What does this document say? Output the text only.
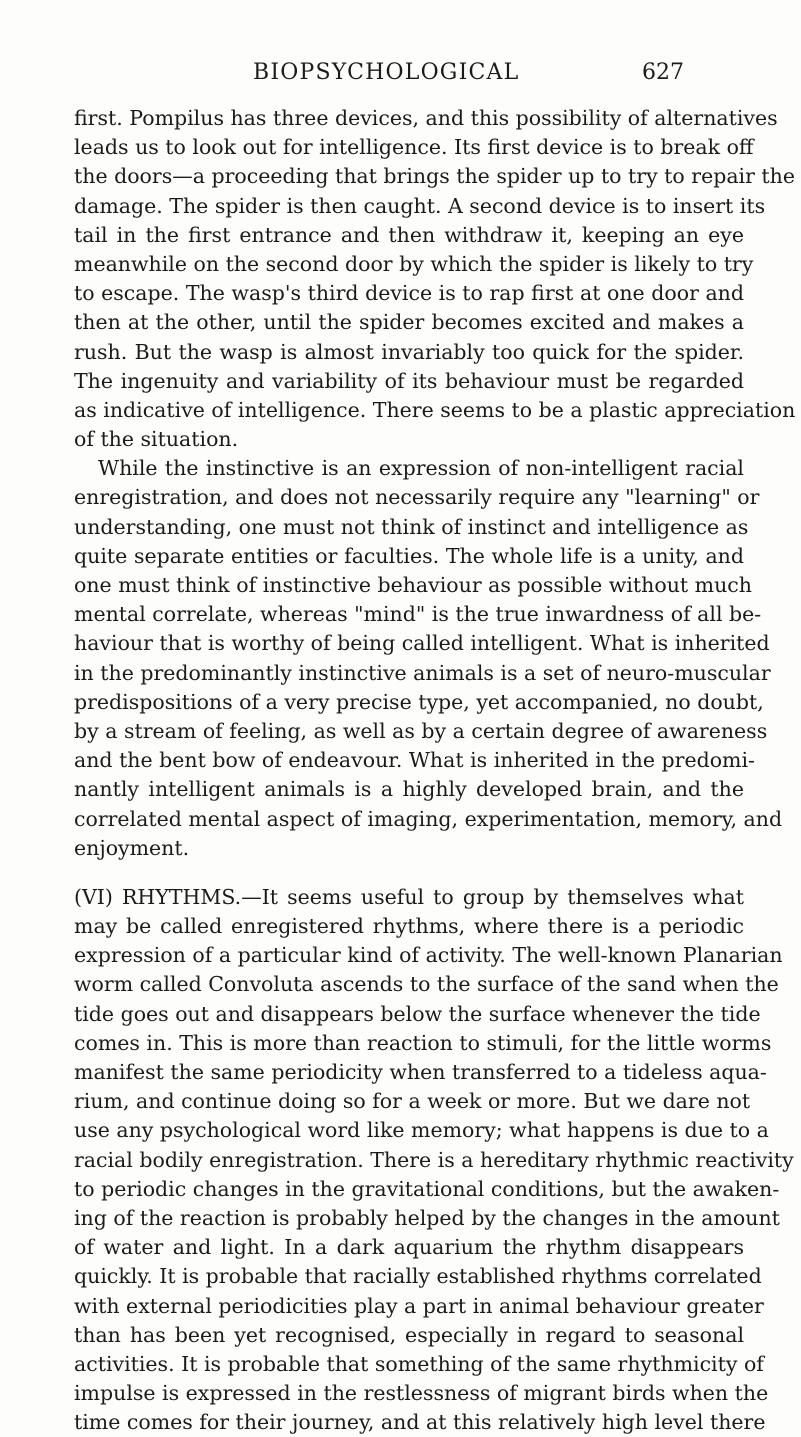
BIOPSYCHOLOGICAL	627
first. Pompilus has three devices, and this possibility of alternatives
leads us to look out for intelligence. Its first device is to break off
the doors—a proceeding that brings the spider up to try to repair the
damage. The spider is then caught. A second device is to insert its
tail in the first entrance and then withdraw it, keeping an eye
meanwhile on the second door by which the spider is likely to try
to escape. The wasp's third device is to rap first at one door and
then at the other, until the spider becomes excited and makes a
rush. But the wasp is almost invariably too quick for the spider.
The ingenuity and variability of its behaviour must be regarded
as indicative of intelligence. There seems to be a plastic appreciation
of the situation.
While the instinctive is an expression of non-intelligent racial
enregistration, and does not necessarily require any "learning" or
understanding, one must not think of instinct and intelligence as
quite separate entities or faculties. The whole life is a unity, and
one must think of instinctive behaviour as possible without much
mental correlate, whereas "mind" is the true inwardness of all be-
haviour that is worthy of being called intelligent. What is inherited
in the predominantly instinctive animals is a set of neuro-muscular
predispositions of a very precise type, yet accompanied, no doubt,
by a stream of feeling, as well as by a certain degree of awareness
and the bent bow of endeavour. What is inherited in the predomi-
nantly intelligent animals is a highly developed brain, and the
correlated mental aspect of imaging, experimentation, memory, and
enjoyment.
(VI) RHYTHMS.—It seems useful to group by themselves what
may be called enregistered rhythms, where there is a periodic
expression of a particular kind of activity. The well-known Planarian
worm called Convoluta ascends to the surface of the sand when the
tide goes out and disappears below the surface whenever the tide
comes in. This is more than reaction to stimuli, for the little worms
manifest the same periodicity when transferred to a tideless aqua-
rium, and continue doing so for a week or more. But we dare not
use any psychological word like memory; what happens is due to a
racial bodily enregistration. There is a hereditary rhythmic reactivity
to periodic changes in the gravitational conditions, but the awaken-
ing of the reaction is probably helped by the changes in the amount
of water and light. In a dark aquarium the rhythm disappears
quickly. It is probable that racially established rhythms correlated
with external periodicities play a part in animal behaviour greater
than has been yet recognised, especially in regard to seasonal
activities. It is probable that something of the same rhythmicity of
impulse is expressed in the restlessness of migrant birds when the
time comes for their journey, and at this relatively high level there
